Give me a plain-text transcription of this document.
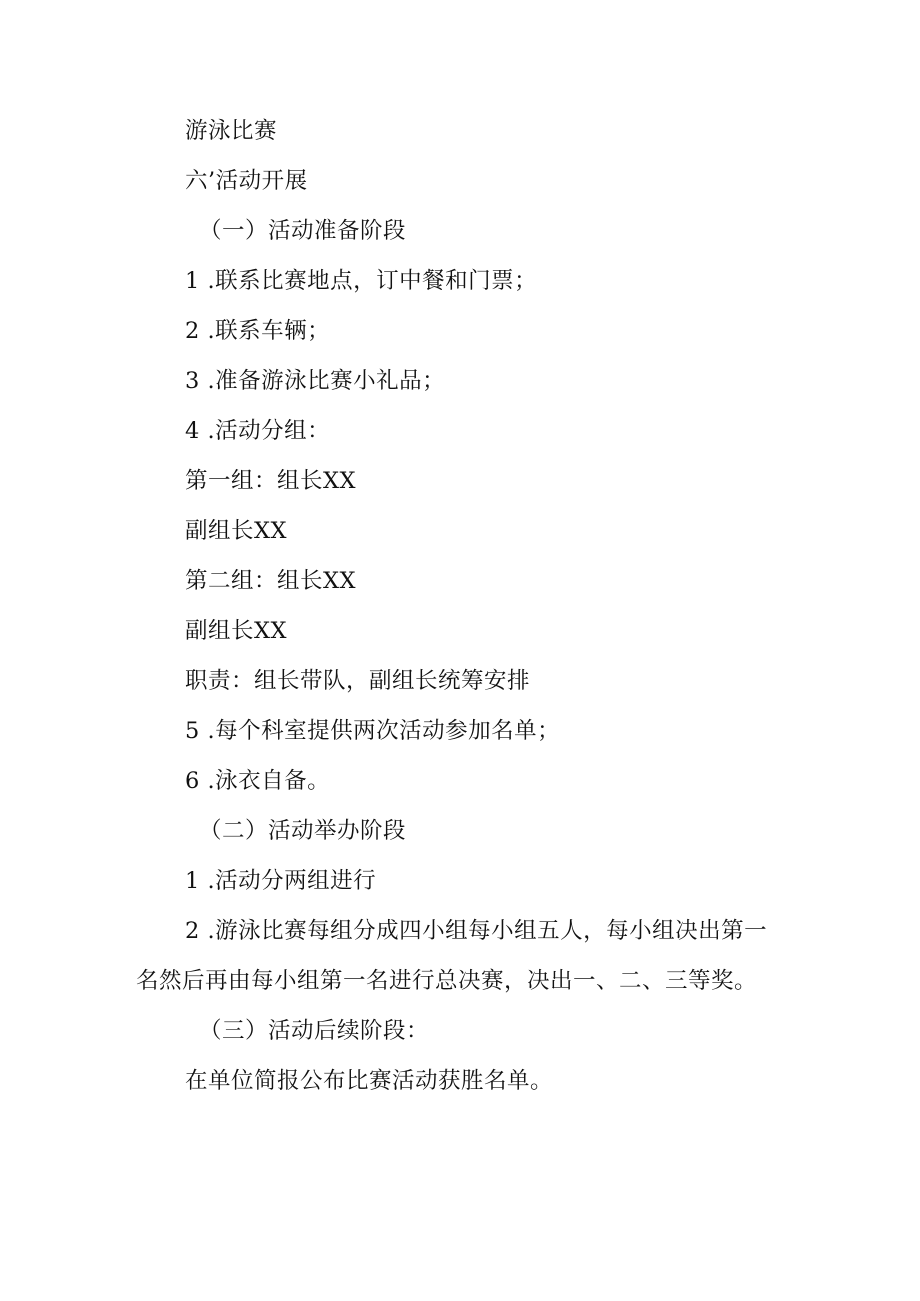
游泳比赛
六’活动开展
（一）活动准备阶段
1 .联系比赛地点，订中餐和门票；
2 .联系车辆；
3 .准备游泳比赛小礼品；
4 .活动分组：
第一组：组长XX
副组长XX
第二组：组长XX
副组长XX
职责：组长带队，副组长统筹安排
5 .每个科室提供两次活动参加名单；
6 .泳衣自备。
（二）活动举办阶段
1 .活动分两组进行
2 .游泳比赛每组分成四小组每小组五人，每小组决出第一
名然后再由每小组第一名进行总决赛，决出一、二、三等奖。
（三）活动后续阶段：
在单位简报公布比赛活动获胜名单。
